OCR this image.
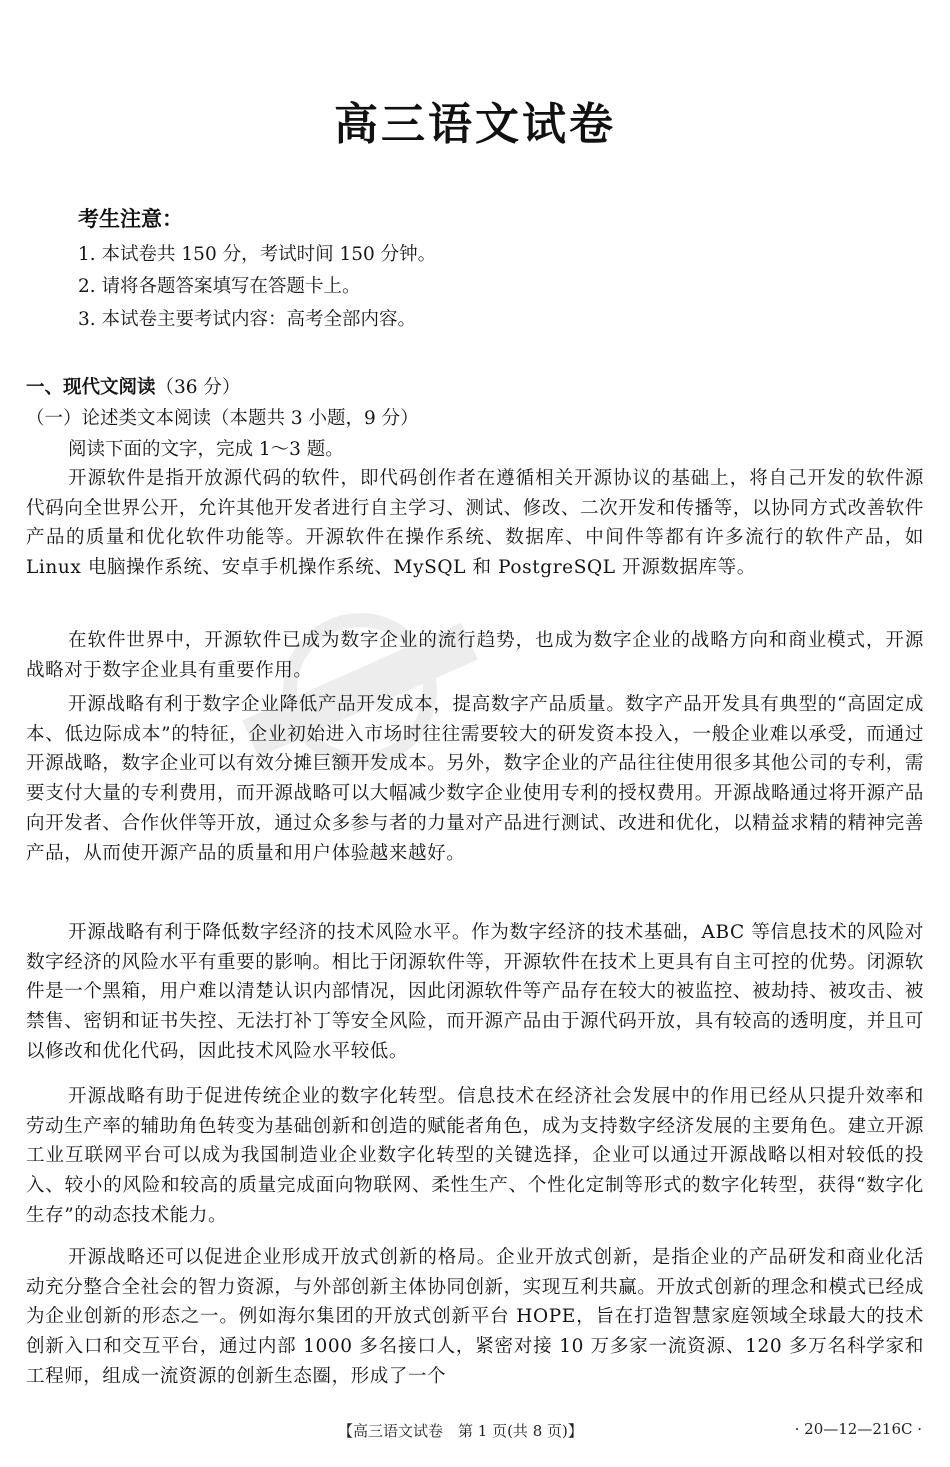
高三语文试卷
考生注意：
1. 本试卷共 150 分，考试时间 150 分钟。
2. 请将各题答案填写在答题卡上。
3. 本试卷主要考试内容：高考全部内容。
一、现代文阅读（36 分）
（一）论述类文本阅读（本题共 3 小题，9 分）
阅读下面的文字，完成 1～3 题。

开源软件是指开放源代码的软件，即代码创作者在遵循相关开源协议的基础上，将自己开发的软件源代码向全世界公开，允许其他开发者进行自主学习、测试、修改、二次开发和传播等，以协同方式改善软件产品的质量和优化软件功能等。开源软件在操作系统、数据库、中间件等都有许多流行的软件产品，如 Linux 电脑操作系统、安卓手机操作系统、MySQL 和 PostgreSQL 开源数据库等。

在软件世界中，开源软件已成为数字企业的流行趋势，也成为数字企业的战略方向和商业模式，开源战略对于数字企业具有重要作用。

开源战略有利于数字企业降低产品开发成本，提高数字产品质量。数字产品开发具有典型的“高固定成本、低边际成本”的特征，企业初始进入市场时往往需要较大的研发资本投入，一般企业难以承受，而通过开源战略，数字企业可以有效分摊巨额开发成本。另外，数字企业的产品往往使用很多其他公司的专利，需要支付大量的专利费用，而开源战略可以大幅减少数字企业使用专利的授权费用。开源战略通过将开源产品向开发者、合作伙伴等开放，通过众多参与者的力量对产品进行测试、改进和优化，以精益求精的精神完善产品，从而使开源产品的质量和用户体验越来越好。

开源战略有利于降低数字经济的技术风险水平。作为数字经济的技术基础，ABC 等信息技术的风险对数字经济的风险水平有重要的影响。相比于闭源软件等，开源软件在技术上更具有自主可控的优势。闭源软件是一个黑箱，用户难以清楚认识内部情况，因此闭源软件等产品存在较大的被监控、被劫持、被攻击、被禁售、密钥和证书失控、无法打补丁等安全风险，而开源产品由于源代码开放，具有较高的透明度，并且可以修改和优化代码，因此技术风险水平较低。

开源战略有助于促进传统企业的数字化转型。信息技术在经济社会发展中的作用已经从只提升效率和劳动生产率的辅助角色转变为基础创新和创造的赋能者角色，成为支持数字经济发展的主要角色。建立开源工业互联网平台可以成为我国制造业企业数字化转型的关键选择，企业可以通过开源战略以相对较低的投入、较小的风险和较高的质量完成面向物联网、柔性生产、个性化定制等形式的数字化转型，获得“数字化生存”的动态技术能力。

开源战略还可以促进企业形成开放式创新的格局。企业开放式创新，是指企业的产品研发和商业化活动充分整合全社会的智力资源，与外部创新主体协同创新，实现互利共赢。开放式创新的理念和模式已经成为企业创新的形态之一。例如海尔集团的开放式创新平台 HOPE，旨在打造智慧家庭领域全球最大的技术创新入口和交互平台，通过内部 1000 多名接口人，紧密对接 10 万多家一流资源、120 多万名科学家和工程师，组成一流资源的创新生态圈，形成了一个

【高三语文试卷　第 1 页(共 8 页)】	· 20—12—216C ·
